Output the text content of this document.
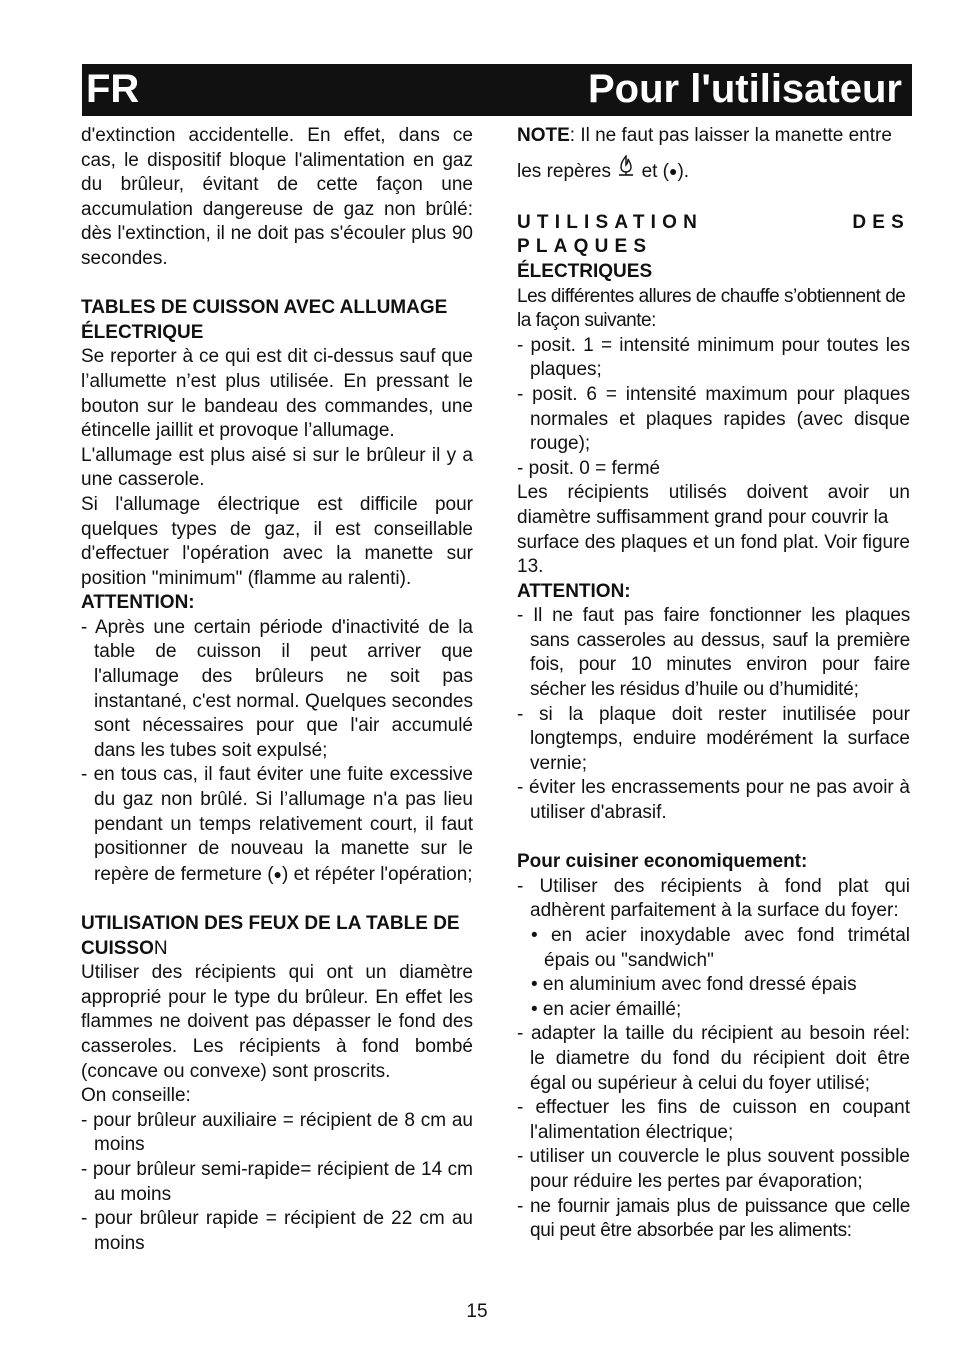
FR	Pour l'utilisateur

d'extinction accidentelle. En effet, dans ce cas, le dispositif bloque l'alimentation en gaz du brûleur, évitant de cette façon une accumulation dangereuse de gaz non brûlé: dès l'extinction, il ne doit pas s'écouler plus 90 secondes.

TABLES DE CUISSON AVEC ALLUMAGE ÉLECTRIQUE

Se reporter à ce qui est dit ci-dessus sauf que l’allumette n’est plus utilisée. En pressant le bouton sur le bandeau des commandes, une étincelle jaillit et provoque l’allumage.

L'allumage est plus aisé si sur le brûleur il y a une casserole.

Si l'allumage électrique est difficile pour quelques types de gaz, il est conseillable d'effectuer l'opération avec la manette sur position "minimum" (flamme au ralenti).

ATTENTION:

- Après une certain période d'inactivité de la table de cuisson il peut arriver que l'allumage des brûleurs ne soit pas instantané, c'est normal. Quelques secondes sont nécessaires pour que l'air accumulé dans les tubes soit expulsé;

- en tous cas, il faut éviter une fuite excessive du gaz non brûlé. Si l’allumage n'a pas lieu pendant un temps relativement court, il faut positionner de nouveau la manette sur le repère de fermeture (●) et répéter l'opération;

UTILISATION DES FEUX DE LA TABLE DE CUISSON

Utiliser des récipients qui ont un diamètre approprié pour le type du brûleur. En effet les flammes ne doivent pas dépasser le fond des casseroles. Les récipients à fond bombé (concave ou convexe) sont proscrits.

On conseille:

- pour brûleur auxiliaire = récipient de 8 cm au moins

- pour brûleur semi-rapide= récipient de 14 cm au moins

- pour brûleur rapide = récipient de 22 cm au moins

NOTE: Il ne faut pas laisser la manette entre

les repères et (●).

UTILISATION DES PLAQUES

ÉLECTRIQUES

Les différentes allures de chauffe s’obtiennent de la façon suivante:

- posit. 1 = intensité minimum pour toutes les plaques;

- posit. 6 = intensité maximum pour plaques normales et plaques rapides (avec disque rouge);

- posit. 0 = fermé

Les récipients utilisés doivent avoir un diamètre suffisamment grand pour couvrir la

surface des plaques et un fond plat. Voir figure 13.

ATTENTION:

- Il ne faut pas faire fonctionner les plaques sans casseroles au dessus, sauf la première fois, pour 10 minutes environ pour faire sécher les résidus d’huile ou d’humidité;

- si la plaque doit rester inutilisée pour longtemps, enduire modérément la surface vernie;

- éviter les encrassements pour ne pas avoir à utiliser d'abrasif.

Pour cuisiner economiquement:

- Utiliser des récipients à fond plat qui adhèrent parfaitement à la surface du foyer:

• en acier inoxydable avec fond trimétal épais ou "sandwich"

• en aluminium avec fond dressé épais

• en acier émaillé;

- adapter la taille du récipient au besoin réel: le diametre du fond du récipient doit être égal ou supérieur à celui du foyer utilisé;

- effectuer les fins de cuisson en coupant l'alimentation électrique;

- utiliser un couvercle le plus souvent possible pour réduire les pertes par évaporation;

- ne fournir jamais plus de puissance que celle qui peut être absorbée par les aliments:

15
